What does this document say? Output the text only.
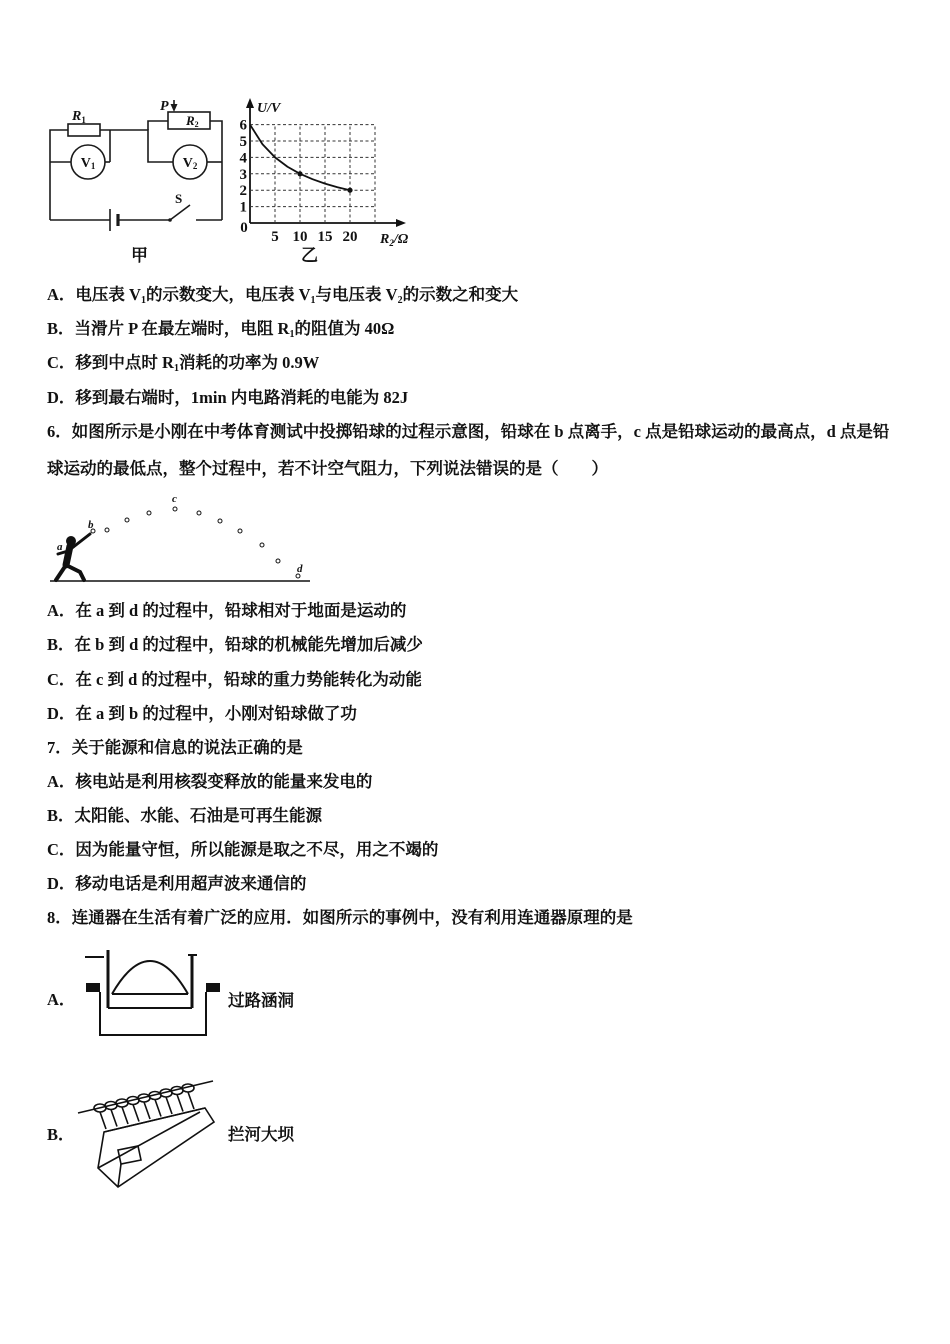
$R_1$
P
R2
V1	V2
S
甲
U/V
0
$R_2/\Omega$
1
2
3
4
5
6
5 10 15 20
乙
A．电压表 $V_1$的示数变大，电压表 $V_1$与电压表 $V_2$的示数之和变大
B．当滑片 P 在最左端时，电阻 $R_1$的阻值为 40Ω
C．移到中点时 $R_1$消耗的功率为 0.9W
D．移到最右端时，1min 内电路消耗的电能为 82J
6．如图所示是小刚在中考体育测试中投掷铅球的过程示意图，铅球在 b 点离手，c 点是铅球运动的最高点，d 点是铅
球运动的最低点，整个过程中，若不计空气阻力，下列说法错误的是（　　）
a
b
c
d
A．在 a 到 d 的过程中，铅球相对于地面是运动的
B．在 b 到 d 的过程中，铅球的机械能先增加后减少
C．在 c 到 d 的过程中，铅球的重力势能转化为动能
D．在 a 到 b 的过程中，小刚对铅球做了功
7．关于能源和信息的说法正确的是
A．核电站是利用核裂变释放的能量来发电的
B．太阳能、水能、石油是可再生能源
C．因为能量守恒，所以能源是取之不尽，用之不竭的
D．移动电话是利用超声波来通信的
8．连通器在生活有着广泛的应用．如图所示的事例中，没有利用连通器原理的是
A．	过路涵洞
B．	拦河大坝
